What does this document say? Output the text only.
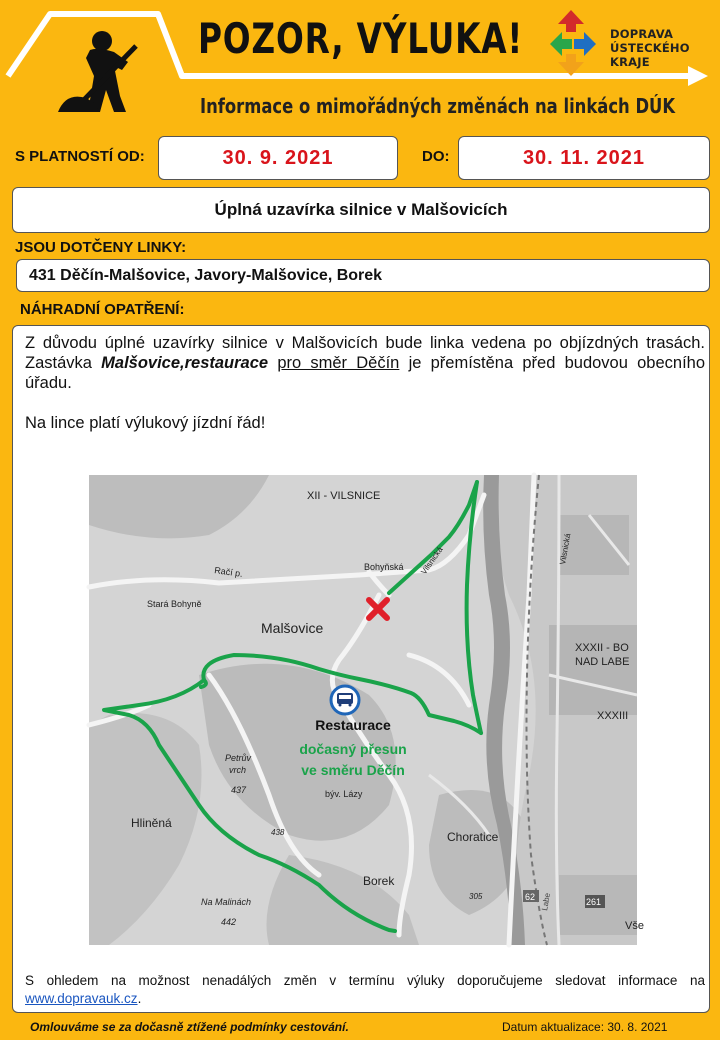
POZOR, VÝLUKA!
Informace o mimořádných změnách na linkách DÚK
DOPRAVA
ÚSTECKÉHO
KRAJE
S PLATNOSTÍ OD:	30. 9. 2021	DO:	30. 11. 2021
Úplná uzavírka silnice v Malšovicích
JSOU DOTČENY LINKY:
431 Děčín-Malšovice, Javory-Malšovice, Borek
NÁHRADNÍ OPATŘENÍ:
Z důvodu úplné uzavírky silnice v Malšovicích bude linka vedena po objízdných trasách. Zastávka Malšovice,restaurace pro směr Děčín je přemístěna před budovou obecního úřadu.
Na lince platí výlukový jízdní řád!
XII - VILSNICE
Bohyňská
Račí p.
Stará Bohyně
Malšovice
Vilsnická
XXXII - BO
NAD LABE
XXXIII
Vilsnická
Petrův
vrch
437	býv. Lázy
Hliněná
438	Choratice
Borek
305
Na Malinách
442	Vše
62	261
Labe
Restaurace
dočasný přesun
ve směru Děčín
S ohledem na možnost nenadálých změn v termínu výluky doporučujeme sledovat informace na www.dopravauk.cz.
Omlouváme se za dočasně ztížené podmínky cestování.	Datum aktualizace: 30. 8. 2021
